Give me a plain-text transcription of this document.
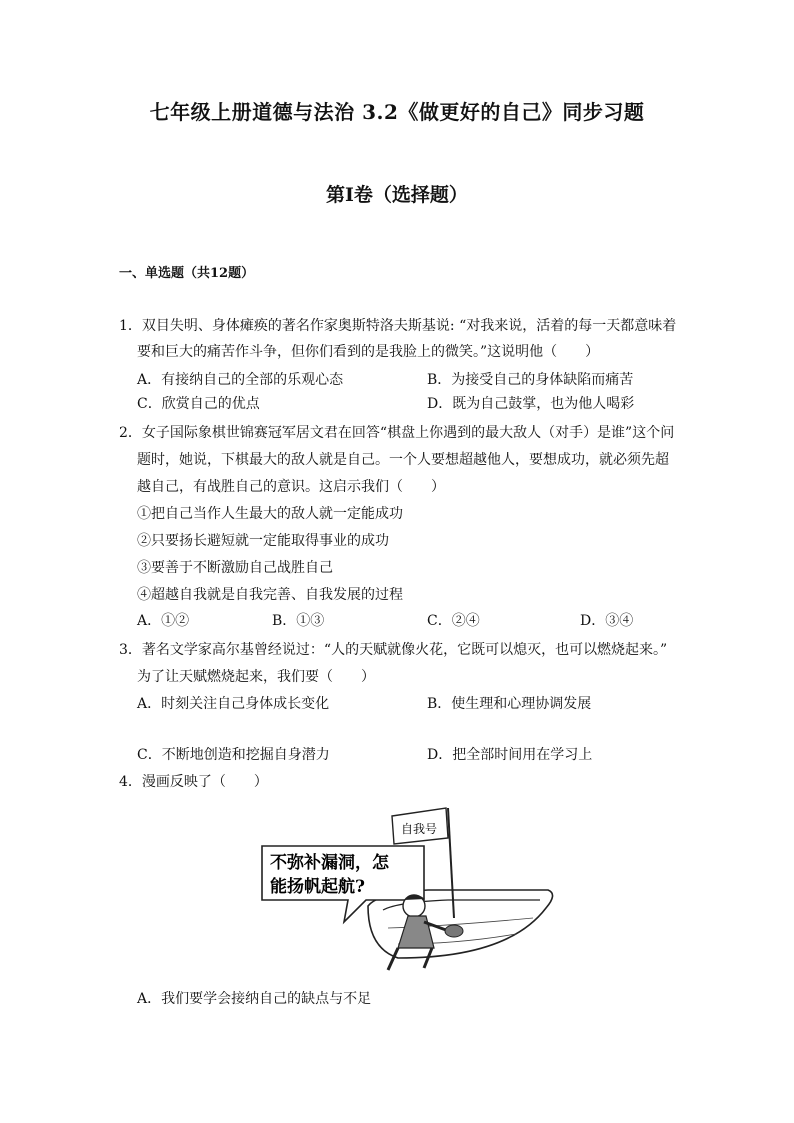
七年级上册道德与法治 3.2《做更好的自己》同步习题
第I卷（选择题）
一、单选题（共12题）
1．双目失明、身体瘫痪的著名作家奥斯特洛夫斯基说: “对我来说，活着的每一天都意味着
要和巨大的痛苦作斗争，但你们看到的是我脸上的微笑。”这说明他（　　）
A．有接纳自己的全部的乐观心态	B．为接受自己的身体缺陷而痛苦
C．欣赏自己的优点	D．既为自己鼓掌，也为他人喝彩
2．女子国际象棋世锦赛冠军居文君在回答“棋盘上你遇到的最大敌人（对手）是谁”这个问
题时，她说，下棋最大的敌人就是自己。一个人要想超越他人，要想成功，就必须先超
越自己，有战胜自己的意识。这启示我们（　　）
①把自己当作人生最大的敌人就一定能成功
②只要扬长避短就一定能取得事业的成功
③要善于不断激励自己战胜自己
④超越自我就是自我完善、自我发展的过程
A．①②	B．①③	C．②④	D．③④
3．著名文学家高尔基曾经说过：“人的天赋就像火花，它既可以熄灭，也可以燃烧起来。”
为了让天赋燃烧起来，我们要（　　）
A．时刻关注自己身体成长变化	B．使生理和心理协调发展
C．不断地创造和挖掘自身潜力	D．把全部时间用在学习上
4．漫画反映了（　　）
自我号
不弥补漏洞，怎
能扬帆起航?
A．我们要学会接纳自己的缺点与不足
